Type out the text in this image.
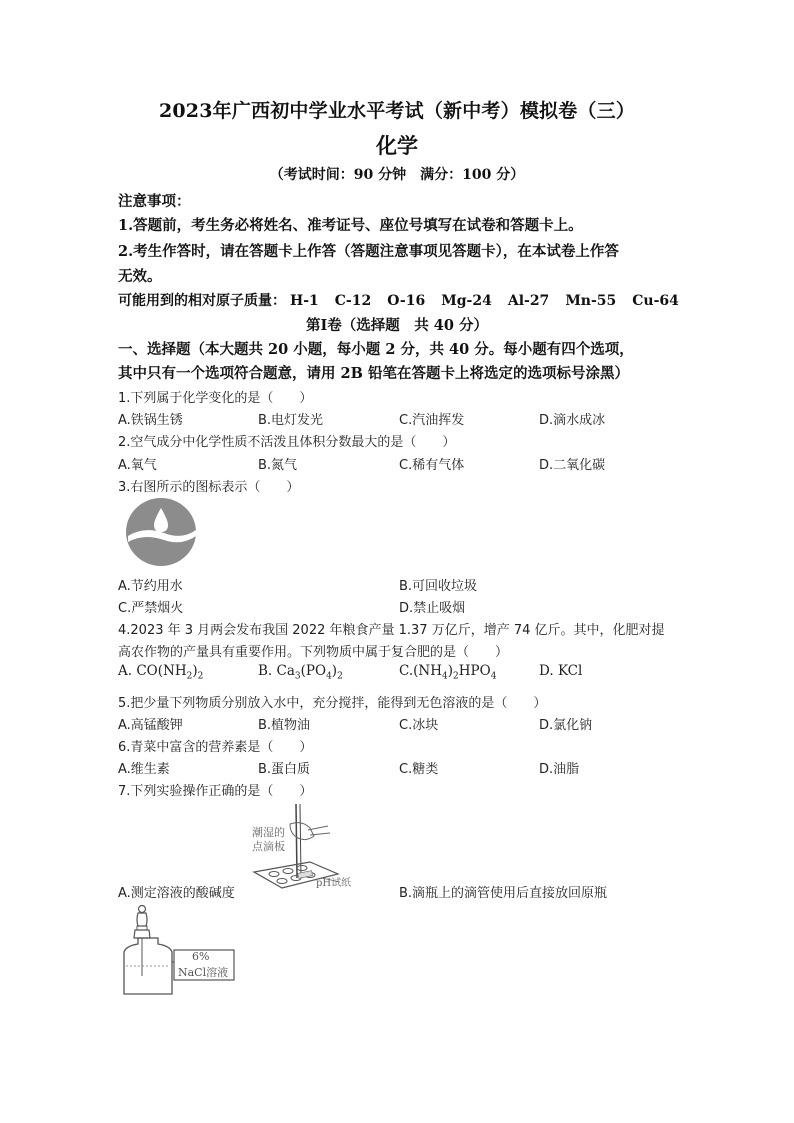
2023年广西初中学业水平考试（新中考）模拟卷（三）
化学
（考试时间：90 分钟　满分：100 分）
注意事项：
1.答题前，考生务必将姓名、准考证号、座位号填写在试卷和答题卡上。
2.考生作答时，请在答题卡上作答（答题注意事项见答题卡），在本试卷上作答
无效。
可能用到的相对原子质量： H-1 C-12 O-16 Mg-24 Al-27 Mn-55 Cu-64
第Ⅰ卷（选择题　共 40 分）
一、选择题（本大题共 20 小题，每小题 2 分，共 40 分。每小题有四个选项，
其中只有一个选项符合题意，请用 2B 铅笔在答题卡上将选定的选项标号涂黑）
1.下列属于化学变化的是（　　）
A.铁锅生锈	B.电灯发光	C.汽油挥发	D.滴水成冰
2.空气成分中化学性质不活泼且体积分数最大的是（　　）
A.氧气	B.氮气	C.稀有气体	D.二氧化碳
3.右图所示的图标表示（　　）
A.节约用水	B.可回收垃圾
C.严禁烟火	D.禁止吸烟
4.2023 年 3 月两会发布我国 2022 年粮食产量 1.37 万亿斤，增产 74 亿斤。其中，化肥对提
高农作物的产量具有重要作用。下列物质中属于复合肥的是（　　）
A. $CO(NH_2)_2$	B. $Ca_3(PO_4)_2$	$C.(NH_4)_2HPO_4$	D. KCl
5.把少量下列物质分别放入水中，充分搅拌，能得到无色溶液的是（　　）
A.高锰酸钾	B.植物油	C.冰块	D.氯化钠
6.青菜中富含的营养素是（　　）
A.维生素	B.蛋白质	C.糖类	D.油脂
7.下列实验操作正确的是（　　）
潮湿的
点滴板
pH试纸
A.测定溶液的酸碱度	B.滴瓶上的滴管使用后直接放回原瓶
6%
NaCl溶液
